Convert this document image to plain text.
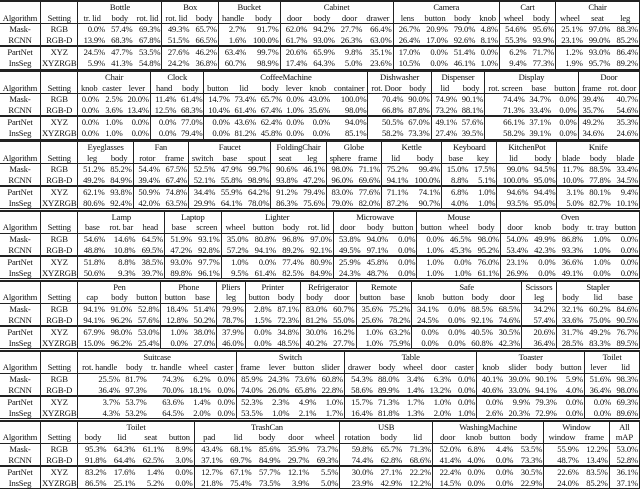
		Bottle			Box		Bucket		Cabinet				Camera				Cart		Chair		
Algorithm	Setting	tr. lid	body	rot. lid	rot. lid	body	handle	body	door	body	door	drawer	lens	button	body	knob	wheel	body	wheel	seat	leg
Mask-	RGB	0.0 %	57.4 %	69.3 %	49.3 %	65.7 %	2.7 %	91.7 %	62.0 %	94.2 %	27.7 %	66.4 %	26.7 %	20.9 %	79.0 %	4.8 %	54.6 %	95.6 %	25.1 %	97.0 %	88.3 %
RCNN	RGB-D	13.9 %	68.3 %	67.8 %	51.5 %	66.5 %	1.6 %	100.0 %	61.7 %	93.0 %	26.3 %	63.0 %	26.4 %	17.0 %	92.6 %	8.1 %	55.3 %	93.9 %	23.1 %	99.0 %	85.2 %
PartNet	XYZ	24.5 %	47.7 %	53.5 %	27.6 %	46.2 %	63.4 %	99.7 %	20.6 %	65.9 %	9.8 %	35.1 %	17.0 %	0.0 %	51.4 %	0.0 %	6.2 %	71.7 %	1.2 %	93.0 %	86.4 %
InsSeg	XYZRGB	5.9 %	41.3 %	54.8 %	24.2 %	36.8 %	60.7 %	98.9 %	17.4 %	64.3 %	5.0 %	23.6 %	10.5 %	0.0 %	46.1 %	1.0 %	9.4 %	77.3 %	1.9 %	95.7 %	89.2 %
		Chair			Clock		CoffeeMachine						Dishwasher		Dispenser		Display			Door	
Algorithm	Setting	knob	caster	lever	hand	body	button	lid	body	lever	knob	container	rot. Door	body	lid	body	rot. screen	base	button	frame	rot. door
Mask-	RGB	0.0 %	2.5 %	20.0 %	11.4 %	61.4 %	14.7 %	73.4 %	65.7 %	0.0 %	43.0 %	100.0 %	70.4 %	90.0 %	74.9 %	90.1 %	74.4 %	34.7 %	0.0 %	39.4 %	40.7 %
RCNN	RGB-D	0.0 %	3.6 %	13.4 %	12.5 %	68.3 %	10.4 %	61.4 %	67.4 %	1.0 %	35.6 %	98.0 %	66.8 %	87.8 %	73.2 %	88.1 %	71.3 %	33.4 %	0.0 %	35.7 %	54.6 %
PartNet	XYZ	0.0 %	1.0 %	0.0 %	0.0 %	77.0 %	0.0 %	43.6 %	62.4 %	0.0 %	0.0 %	94.0 %	50.5 %	67.0 %	49.1 %	57.6 %	66.1 %	37.1 %	0.0 %	49.2 %	35.3 %
InsSeg	XYZRGB	0.0 %	1.0 %	0.0 %	0.0 %	79.4 %	0.0 %	81.2 %	45.8 %	0.0 %	0.0 %	85.1 %	58.2 %	73.3 %	27.4 %	39.5 %	58.2 %	39.1 %	0.0 %	34.6 %	24.6 %
		Eyeglasses		Fan		Faucet			FoldingChair		Globe		Kettle		Keyboard		KitchenPot		Knife		
Algorithm	Setting	leg	body	rotor	frame	switch	base	spout	seat	leg	sphere	frame	lid	body	base	key	lid	body	blade	body	blade
Mask-	RGB	51.2 %	85.2 %	54.4 %	67.5 %	52.5 %	47.9 %	99.7 %	90.6 %	46.1 %	98.0 %	71.1 %	75.2 %	99.4 %	15.0 %	17.5 %	99.0 %	94.5 %	11.7 %	88.5 %	33.4 %
RCNN	RGB-D	49.2 %	84.9 %	39.4 %	67.4 %	52.1 %	55.8 %	98.9 %	93.8 %	47.2 %	96.0 %	69.6 %	94.1 %	100.0 %	8.8 %	5.1 %	100.0 %	95.0 %	10.0 %	77.8 %	34.5 %
PartNet	XYZ	62.1 %	93.8 %	50.9 %	74.8 %	34.4 %	55.9 %	64.2 %	91.2 %	79.4 %	83.0 %	77.6 %	71.1 %	74.1 %	6.8 %	1.0 %	94.6 %	94.4 %	3.1 %	80.1 %	9.4 %
InsSeg	XYZRGB	80.6 %	92.4 %	42.0 %	63.5 %	29.9 %	64.1 %	78.0 %	86.3 %	75.6 %	79.0 %	82.0 %	87.2 %	90.7 %	4.0 %	1.0 %	93.5 %	95.0 %	5.0 %	82.7 %	10.1 %
		Lamp			Laptop		Lighter				Microwave			Mouse			Oven				
Algorithm	Setting	base	rot. bar	head	base	screen	wheel	button	body	rot. lid	door	body	button	button	wheel	body	door	knob	body	tr. tray	button
Mask-	RGB	54.6 %	14.6 %	64.5 %	51.9 %	93.1 %	35.0 %	80.8 %	96.8 %	97.0 %	53.8 %	94.0 %	0.0 %	0.0 %	46.5 %	98.0 %	54.0 %	49.9 %	86.8 %	1.0 %	0.0 %
RCNN	RGB-D	48.8 %	10.8 %	69.5 %	47.2 %	92.8 %	57.2 %	94.1 %	89.2 %	92.1 %	49.5 %	97.1 %	0.0 %	1.0 %	45.3 %	95.2 %	53.4 %	42.3 %	93.3 %	1.0 %	0.0 %
PartNet	XYZ	51.8 %	8.8 %	38.5 %	93.0 %	97.7 %	1.0 %	0.0 %	77.4 %	80.9 %	25.9 %	45.8 %	0.0 %	1.0 %	0.0 %	76.0 %	23.1 %	0.0 %	36.6 %	1.0 %	0.0 %
InsSeg	XYZRGB	50.6 %	9.3 %	39.7 %	89.8 %	96.1 %	9.5 %	61.4 %	82.5 %	84.9 %	24.3 %	48.7 %	0.0 %	1.0 %	1.0 %	61.1 %	26.9 %	0.0 %	49.1 %	0.0 %	0.0 %
		Pen			Phone		Pliers	Printer		Refrigerator		Remote		Safe				Scissors	Stapler		
Algorithm	Setting	cap	body	button	button	base	leg	button	body	body	door	button	base	knob	button	body	door	leg	body	lid	base
Mask-	RGB	94.1 %	91.0 %	52.8 %	18.4 %	51.4 %	79.9 %	2.8 %	87.1 %	83.0 %	60.7 %	35.6 %	75.2 %	34.1 %	0.0 %	88.5 %	68.5 %	34.2 %	32.1 %	60.2 %	84.6 %
RCNN	RGB-D	94.1 %	96.2 %	57.6 %	12.8 %	50.2 %	78.7 %	1.5 %	72.3 %	81.2 %	55.0 %	25.6 %	78.2 %	24.5 %	0.0 %	92.1 %	74.6 %	57.4 %	33.6 %	75.0 %	90.5 %
PartNet	XYZ	67.9 %	98.0 %	53.0 %	1.0 %	38.0 %	37.9 %	0.0 %	34.8 %	30.0 %	16.2 %	1.0 %	63.2 %	0.0 %	0.0 %	40.5 %	30.5 %	20.6 %	31.7 %	49.2 %	76.7 %
InsSeg	XYZRGB	15.0 %	96.2 %	25.4 %	0.0 %	27.0 %	46.0 %	0.0 %	48.5 %	40.2 %	27.7 %	1.0 %	75.9 %	0.0 %	0.0 %	60.8 %	42.3 %	36.4 %	28.5 %	83.3 %	89.5 %
		Suitcase					Switch				Table					Toaster				Toilet	
Algorithm	Setting	rot. handle	body	tr. handle	wheel	caster	frame	lever	button	slider	drawer	body	wheel	door	caster	knob	slider	body	button	lever	lid
Mask-	RGB	25.5 %	81.7 %	74.3 %	6.2 %	0.0 %	85.9 %	24.3 %	73.6 %	60.8 %	54.3 %	88.0 %	3.4 %	6.3 %	0.0 %	40.1 %	39.0 %	90.1 %	5.9 %	51.6 %	98.3 %
RCNN	RGB-D	36.4 %	97.3 %	70.0 %	18.1 %	0.0 %	74.0 %	26.0 %	65.8 %	22.8 %	58.6 %	89.9 %	1.4 %	13.2 %	0.0 %	40.6 %	33.0 %	94.1 %	4.0 %	36.4 %	98.0 %
PartNet	XYZ	3.7 %	53.7 %	63.6 %	1.4 %	0.0 %	52.3 %	2.3 %	4.9 %	1.0 %	15.7 %	71.3 %	1.7 %	1.0 %	0.0 %	0.0 %	9.9 %	79.3 %	0.0 %	0.0 %	69.3 %
InsSeg	XYZRGB	4.3 %	53.2 %	64.5 %	2.0 %	0.0 %	53.5 %	1.0 %	2.1 %	1.7 %	16.4 %	81.8 %	1.3 %	2.0 %	1.0 %	2.6 %	20.3 %	72.9 %	0.0 %	0.0 %	89.6 %
		Toilet				TrashCan					USB			WashingMachine				Window		All
Algorithm	Setting	body	lid	seat	button	pad	lid	body	door	wheel	rotation	body	lid	door	knob	button	body	window	frame	mAP
Mask-	RGB	95.3 %	64.3 %	61.1 %	8.9 %	43.4 %	68.1 %	85.6 %	35.9 %	73.7 %	59.8 %	65.7 %	71.3 %	52.0 %	6.8 %	4.4 %	53.5 %	55.9 %	12.2 %	53.0 %
RCNN	RGB-D	91.8 %	64.4 %	62.5 %	3.0 %	37.1 %	69.7 %	84.9 %	29.7 %	69.3 %	74.4 %	62.8 %	68.6 %	41.4 %	4.0 %	0.0 %	73.3 %	48.7 %	13.4 %	52.8 %
PartNet	XYZ	83.2 %	17.6 %	1.4 %	0.0 %	12.7 %	67.1 %	57.7 %	12.1 %	5.5 %	30.0 %	27.1 %	22.2 %	22.4 %	0.0 %	0.0 %	30.5 %	22.6 %	83.5 %	36.1 %
InsSeg	XYZRGB	86.5 %	25.1 %	5.2 %	0.0 %	21.8 %	75.4 %	73.5 %	3.9 %	5.0 %	23.9 %	42.9 %	12.2 %	14.5 %	0.0 %	0.0 %	22.9 %	24.0 %	85.2 %	37.1 %
